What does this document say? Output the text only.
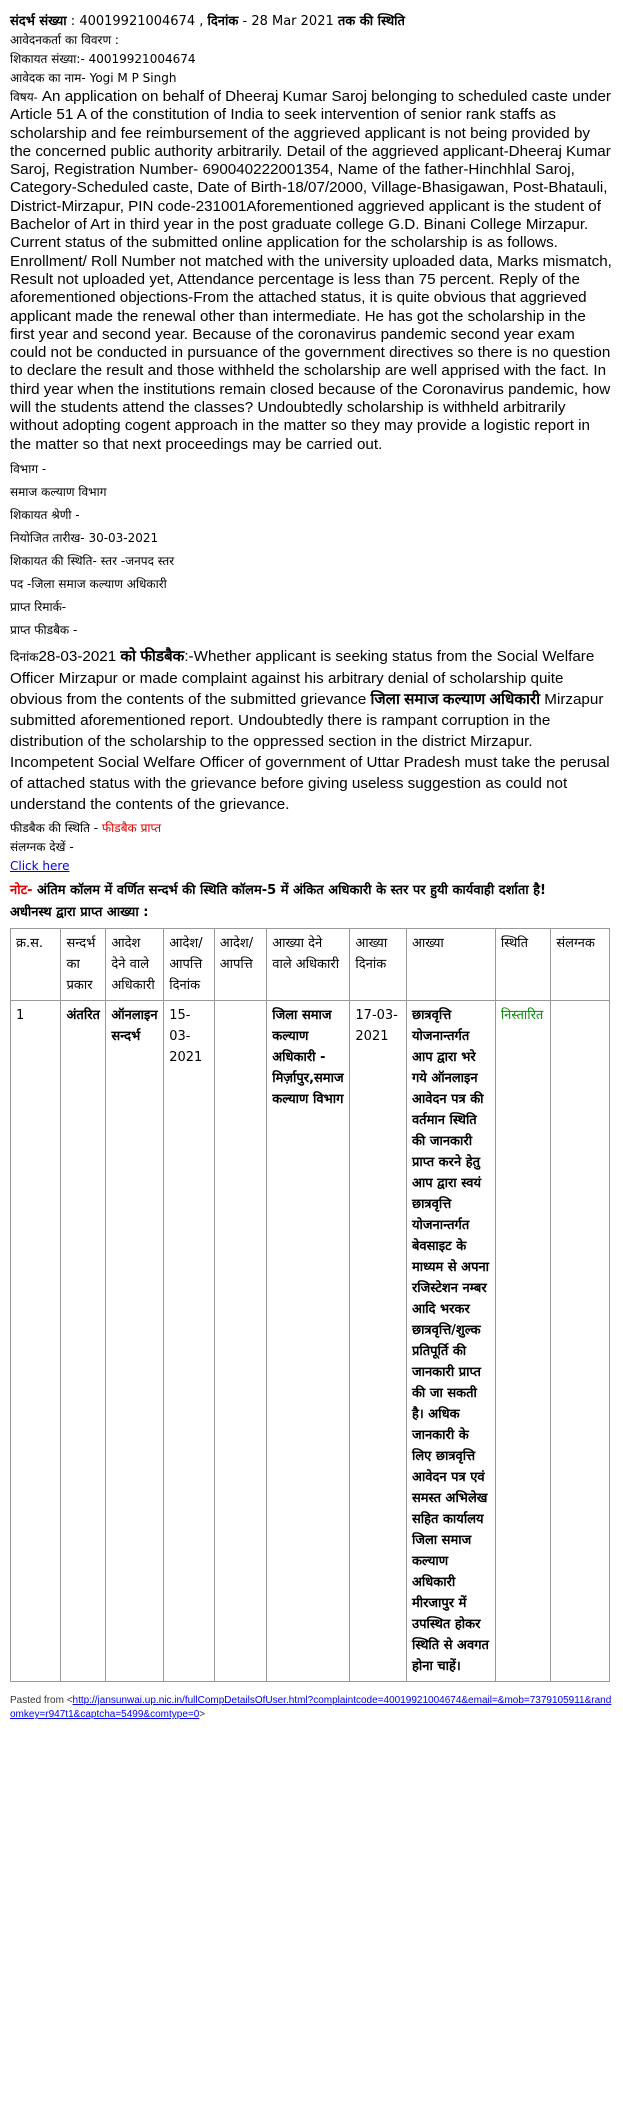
संदर्भ संख्या : 40019921004674 , दिनांक - 28 Mar 2021 तक की स्थिति
आवेदनकर्ता का विवरण :
शिकायत संख्या:- 40019921004674
आवेदक का नाम- Yogi M P Singh

विषय- An application on behalf of Dheeraj Kumar Saroj belonging to scheduled caste under Article 51 A of the constitution of India to seek intervention of senior rank staffs as scholarship and fee reimbursement of the aggrieved applicant is not being provided by the concerned public authority arbitrarily. Detail of the aggrieved applicant-Dheeraj Kumar Saroj, Registration Number- 690040222001354, Name of the father-Hinchhlal Saroj, Category-Scheduled caste, Date of Birth-18/07/2000, Village-Bhasigawan, Post-Bhatauli, District-Mirzapur, PIN code-231001Aforementioned aggrieved applicant is the student of Bachelor of Art in third year in the post graduate college G.D. Binani College Mirzapur. Current status of the submitted online application for the scholarship is as follows. Enrollment/ Roll Number not matched with the university uploaded data, Marks mismatch, Result not uploaded yet, Attendance percentage is less than 75 percent. Reply of the aforementioned objections-From the attached status, it is quite obvious that aggrieved applicant made the renewal other than intermediate. He has got the scholarship in the first year and second year. Because of the coronavirus pandemic second year exam could not be conducted in pursuance of the government directives so there is no question to declare the result and those withheld the scholarship are well apprised with the fact. In third year when the institutions remain closed because of the Coronavirus pandemic, how will the students attend the classes? Undoubtedly scholarship is withheld arbitrarily without adopting cogent approach in the matter so they may provide a logistic report in the matter so that next proceedings may be carried out.

विभाग -
समाज कल्याण विभाग
शिकायत श्रेणी -
नियोजित तारीख- 30-03-2021
शिकायत की स्थिति- स्तर -जनपद स्तर
पद -जिला समाज कल्याण अधिकारी
प्राप्त रिमार्क-
प्राप्त फीडबैक -

दिनांक28-03-2021 को फीडबैक:-Whether applicant is seeking status from the Social Welfare Officer Mirzapur or made complaint against his arbitrary denial of scholarship quite obvious from the contents of the submitted grievance जिला समाज कल्याण अधिकारी Mirzapur submitted aforementioned report. Undoubtedly there is rampant corruption in the distribution of the scholarship to the oppressed section in the district Mirzapur. Incompetent Social Welfare Officer of government of Uttar Pradesh must take the perusal of attached status with the grievance before giving useless suggestion as could not understand the contents of the grievance.

फीडबैक की स्थिति - फीडबैक प्राप्त
संलग्नक देखें -
Click here
नोट- अंतिम कॉलम में वर्णित सन्दर्भ की स्थिति कॉलम-5 में अंकित अधिकारी के स्तर पर हुयी कार्यवाही दर्शाता है!
अधीनस्थ द्वारा प्राप्त आख्या :
क्र.स.	सन्दर्भ का प्रकार	आदेश देने वाले अधिकारी	आदेश/आपत्ति दिनांक	आदेश/आपत्ति	आख्या देने वाले अधिकारी	आख्या दिनांक	आख्या	स्थिति	संलग्नक
1	अंतरित	ऑनलाइन सन्दर्भ	15-03-2021		जिला समाज कल्याण अधिकारी - मिर्ज़ापुर,समाज कल्याण विभाग	17-03-2021	छात्रवृत्ति योजनान्तर्गत आप द्वारा भरे गये ऑनलाइन आवेदन पत्र की वर्तमान स्थिति की जानकारी प्राप्त करने हेतु आप द्वारा स्वयं छात्रवृत्ति योजनान्तर्गत बेवसाइट के माध्यम से अपना रजिस्टेशन नम्बर आदि भरकर छात्रवृत्ति/शुल्क प्रतिपूर्ति की जानकारी प्राप्त की जा सकती है। अधिक जानकारी के लिए छात्रवृत्ति आवेदन पत्र एवं समस्त अभिलेख सहित कार्यालय जिला समाज कल्याण अधिकारी मीरजापुर में उपस्थित होकर स्थिति से अवगत होना चाहें।	निस्तारित	
Pasted from <http://jansunwai.up.nic.in/fullCompDetailsOfUser.html?complaintcode=40019921004674&email=&mob=7379105911&randomkey=r947t1&captcha=5499&comtype=0>
